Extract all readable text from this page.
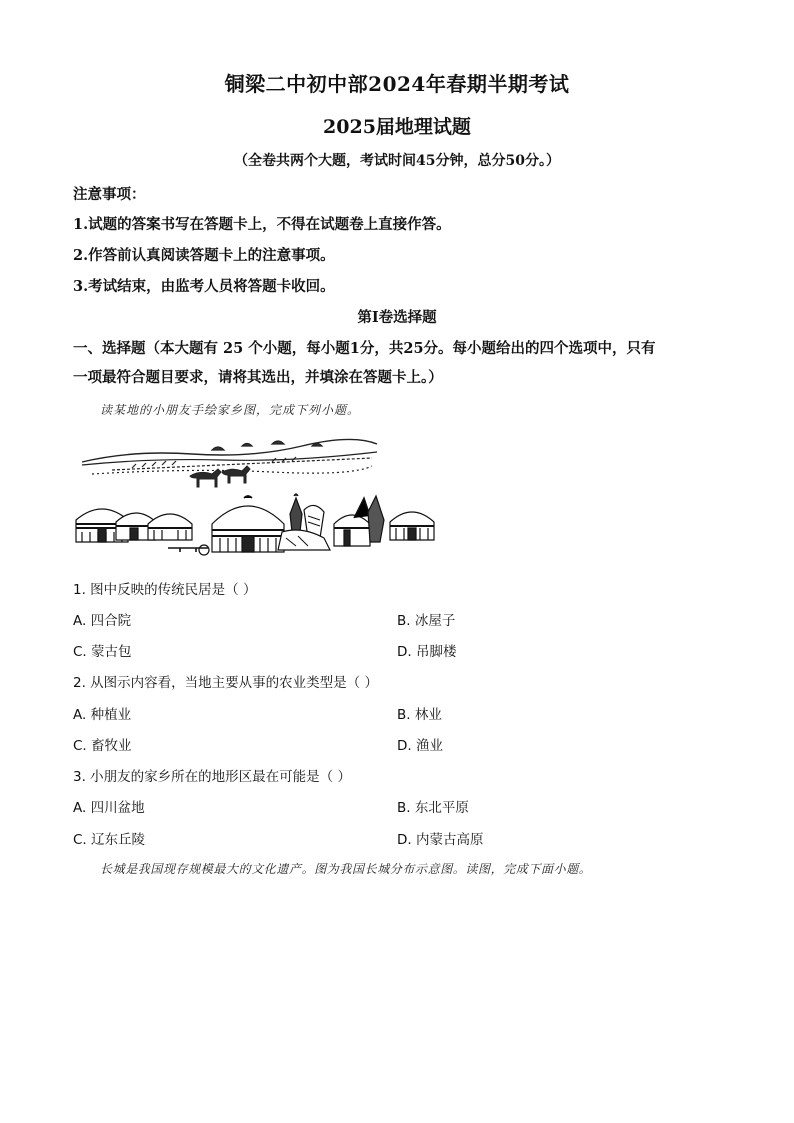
铜梁二中初中部2024年春期半期考试
2025届地理试题
（全卷共两个大题，考试时间45分钟，总分50分。）
注意事项：
1.试题的答案书写在答题卡上，不得在试题卷上直接作答。
2.作答前认真阅读答题卡上的注意事项。
3.考试结束，由监考人员将答题卡收回。
第Ⅰ卷选择题
一、选择题（本大题有 25 个小题，每小题1分，共25分。每小题给出的四个选项中，只有
一项最符合题目要求，请将其选出，并填涂在答题卡上。）
读某地的小朋友手绘家乡图，完成下列小题。
1. 图中反映的传统民居是（ ）
A. 四合院	B. 冰屋子
C. 蒙古包	D. 吊脚楼
2. 从图示内容看，当地主要从事的农业类型是（ ）
A. 种植业	B. 林业
C. 畜牧业	D. 渔业
3. 小朋友的家乡所在的地形区最在可能是（ ）
A. 四川盆地	B. 东北平原
C. 辽东丘陵	D. 内蒙古高原
长城是我国现存规模最大的文化遗产。图为我国长城分布示意图。读图，完成下面小题。
